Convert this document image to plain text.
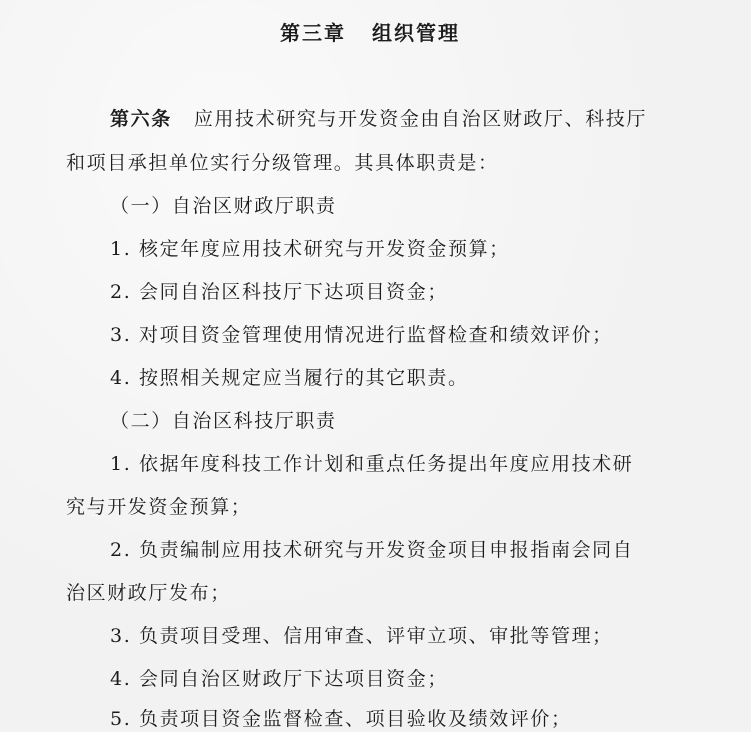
第三章 组织管理
第六条 应用技术研究与开发资金由自治区财政厅、科技厅
和项目承担单位实行分级管理。其具体职责是：
（一）自治区财政厅职责
1. 核定年度应用技术研究与开发资金预算；
2. 会同自治区科技厅下达项目资金；
3. 对项目资金管理使用情况进行监督检查和绩效评价；
4. 按照相关规定应当履行的其它职责。
（二）自治区科技厅职责
1. 依据年度科技工作计划和重点任务提出年度应用技术研
究与开发资金预算；
2. 负责编制应用技术研究与开发资金项目申报指南会同自
治区财政厅发布；
3. 负责项目受理、信用审查、评审立项、审批等管理；
4. 会同自治区财政厅下达项目资金；
5. 负责项目资金监督检查、项目验收及绩效评价；
